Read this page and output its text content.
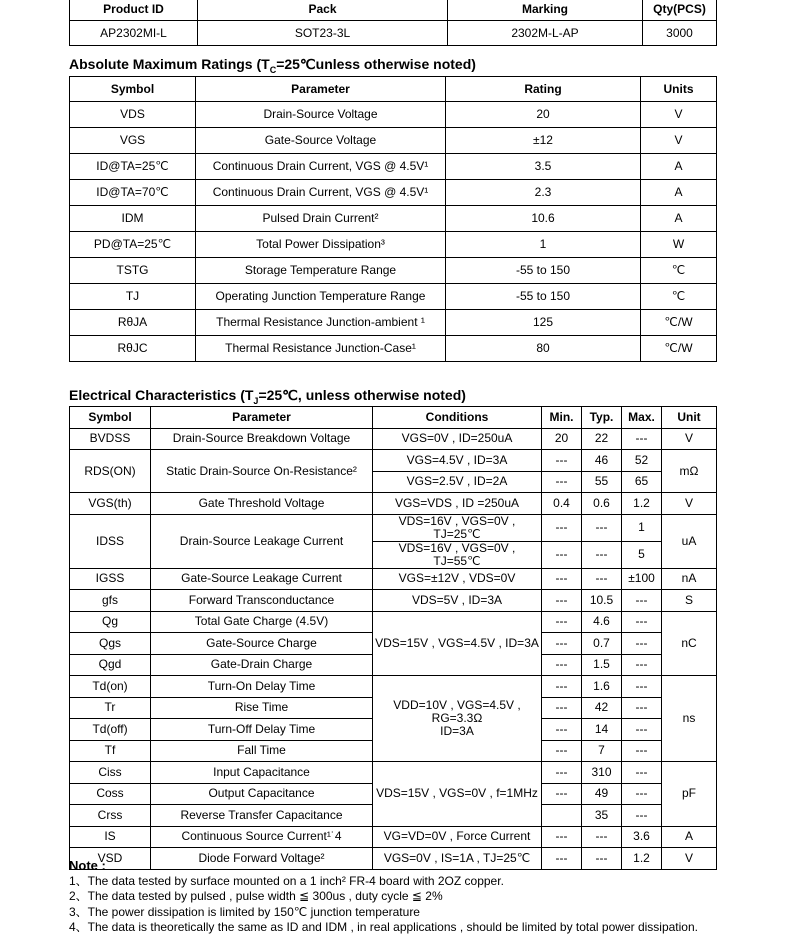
Product ID	Pack	Marking	Qty(PCS)
AP2302MI-L	SOT23-3L	2302M-L-AP	3000
Absolute Maximum Ratings ($T_C=25℃unless$ otherwise noted)
Symbol	Parameter	Rating	Units
VDS	Drain-Source Voltage	20	V
VGS	Gate-Source Voltage	±12	V
ID@TA=25℃	Continuous Drain Current, VGS @ 4.5V¹	3.5	A
ID@TA=70℃	Continuous Drain Current, VGS @ 4.5V¹	2.3	A
IDM	Pulsed Drain Current²	10.6	A
PD@TA=25℃	Total Power Dissipation³	1	W
TSTG	Storage Temperature Range	-55 to 150	℃
TJ	Operating Junction Temperature Range	-55 to 150	℃
RθJA	Thermal Resistance Junction-ambient ¹	125	℃/W
RθJC	Thermal Resistance Junction-Case¹	80	℃/W
Electrical Characteristics ($T_J=25℃$, unless otherwise noted)
Symbol	Parameter	Conditions	Min.	Typ.	Max.	Unit
BVDSS	Drain-Source Breakdown Voltage	VGS=0V , ID=250uA	20	22	---	V
RDS(ON)	Static Drain-Source On-Resistance²	VGS=4.5V , ID=3A	---	46	52	mΩ
		VGS=2.5V , ID=2A	---	55	65	
VGS(th)	Gate Threshold Voltage	VGS=VDS , ID =250uA	0.4	0.6	1.2	V
IDSS	Drain-Source Leakage Current	VDS=16V , VGS=0V , TJ=25℃	---	---	1	uA
		VDS=16V , VGS=0V , TJ=55℃	---	---	5	
IGSS	Gate-Source Leakage Current	VGS=±12V , VDS=0V	---	---	±100	nA
gfs	Forward Transconductance	VDS=5V , ID=3A	---	10.5	---	S
Qg	Total Gate Charge (4.5V)	VDS=15V , VGS=4.5V , ID=3A	---	4.6	---	nC
Qgs	Gate-Source Charge		---	0.7	---	
Qgd	Gate-Drain Charge		---	1.5	---	
Td(on)	Turn-On Delay Time	VDD=10V , VGS=4.5V ,
RG=3.3Ω
ID=3A	---	1.6	---	ns
Tr	Rise Time		---	42	---	
Td(off)	Turn-Off Delay Time		---	14	---	
Tf	Fall Time		---	7	---	
Ciss	Input Capacitance	VDS=15V , VGS=0V , f=1MHz	---	310	---	pF
Coss	Output Capacitance		---	49	---	
Crss	Reverse Transfer Capacitance			35	---	
IS	Continuous Source Current¹˙4	VG=VD=0V , Force Current	---	---	3.6	A
VSD	Diode Forward Voltage²	VGS=0V , IS=1A , TJ=25℃	---	---	1.2	V
Note :
1、The data tested by surface mounted on a 1 inch² FR-4 board with 2OZ copper.
2、The data tested by pulsed , pulse width ≦ 300us , duty cycle ≦ 2%
3、The power dissipation is limited by 150℃ junction temperature
4、The data is theoretically the same as ID and IDM , in real applications , should be limited by total power dissipation.
